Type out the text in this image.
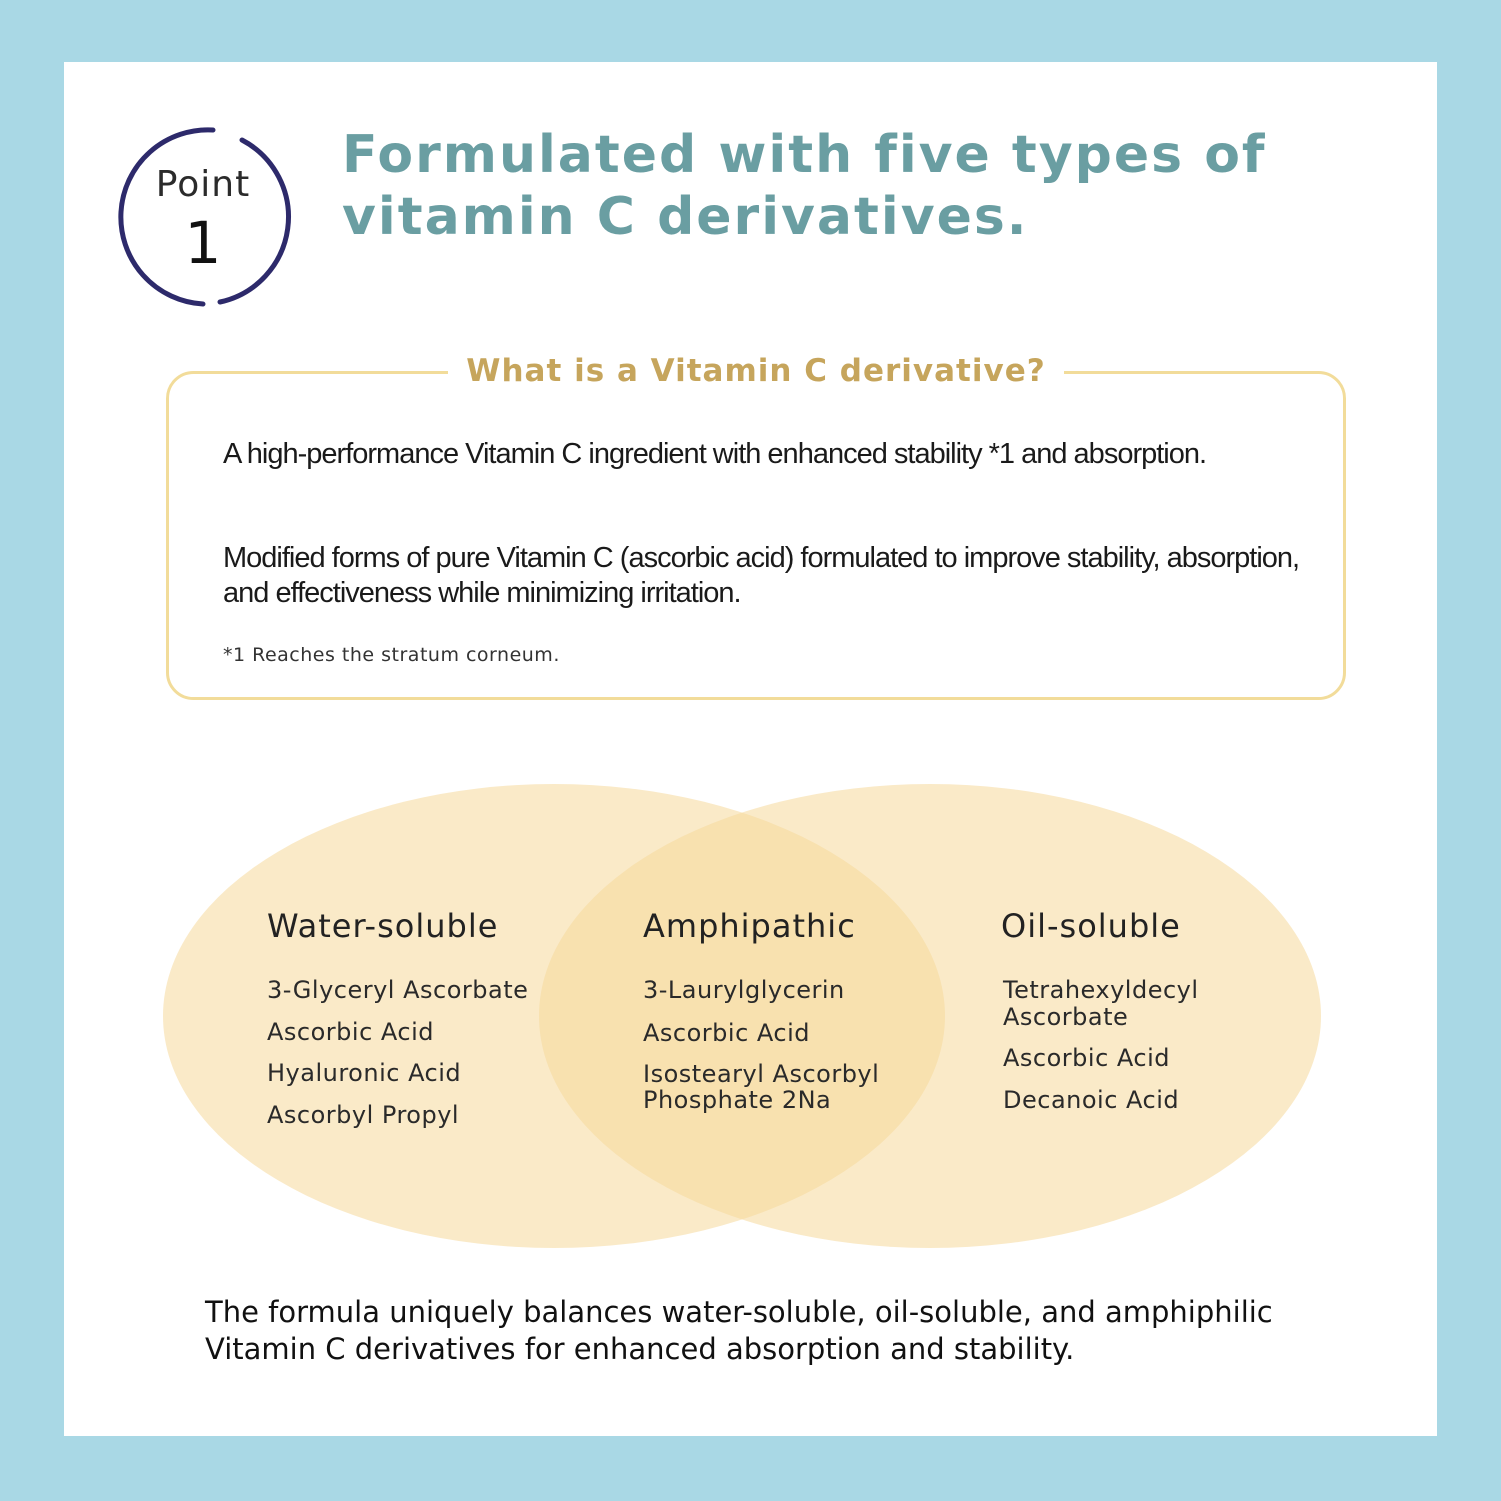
Point
1
Formulated with five types of
vitamin C derivatives.
What is a Vitamin C derivative?
A high-performance Vitamin C ingredient with enhanced stability *1 and absorption.
Modified forms of pure Vitamin C (ascorbic acid) formulated to improve stability, absorption, and effectiveness while minimizing irritation.
*1 Reaches the stratum corneum.
Water-soluble
3-Glyceryl Ascorbate
Ascorbic Acid
Hyaluronic Acid
Ascorbyl Propyl
Amphipathic
3-Laurylglycerin
Ascorbic Acid
Isostearyl Ascorbyl
Phosphate 2Na
Oil-soluble
Tetrahexyldecyl
Ascorbate
Ascorbic Acid
Decanoic Acid
The formula uniquely balances water-soluble, oil-soluble, and amphiphilic
Vitamin C derivatives for enhanced absorption and stability.
